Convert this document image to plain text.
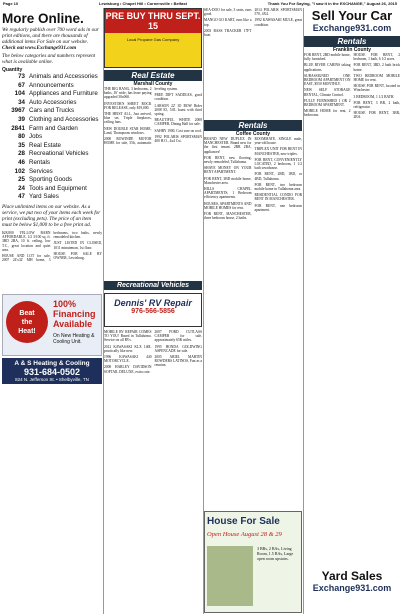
Page 10	Lewisburg • Chapel Hill • Cornersville • Belfast	Thank You For Saying, "I saw it in the EXCHANGE," August 26, 2015
More Online.
We regularly publish over 700 word ads in our print editions, and there are thousands of additional items For Sale on our website.
Check out www.Exchange931.com
The below categories and numbers represent what is available online.
Quantity
73 Animals and Accessories
67 Announcements
104 Appliances and Furniture
34 Auto Accessories
3967 Cars and Trucks
39 Clothing and Accessories
2841 Farm and Garden
80 Jobs
35 Real Estate
28 Recreational Vehicles
46 Rentals
102 Services
25 Sporting Goods
24 Tools and Equipment
47 Yard Sales
Place unlimited items on our website. As a service, we put two of your items each week for print (excluding pets). The price of an item must be below $1,000 to be a free print ad.

$28,800 YELLOW BARN AFFORDABLE, 1/2 3/100 sq. ft. 3BD 2BA, 10 ft. ceiling, low T.C., great location and quiet area.

HOUSE AND LOT for sale, 2007 24'x32' MH home, 3 bedrooms, two baths, newly remodeled kitchen.

JUST LISTED IN CLOSED, 1011 minuteman, 1st floor.

HOUSE FOR SALE BY OWNER, Lewisburg.

Beat
the
Heat!
100% Financing Available
On New Heating & Cooling Unit.
A & S Heating & Cooling
931-684-0502
824 N. Jefferson St. • Shelbyville, TN
PRE BUY THRU SEPT. 15
Local Propane Gas Company
Real Estate
Marshall County

THE BIG BANG, 3 bedrooms, 2 baths, 16' wide, has lease paying upgraded 30x060.

INVESTOR'S SHEET ROCK FOR RELEASE, only $19,000.

THE HEIST ALL, Just arrived, blue set, Triple fireplaces, ceiling fans.

NEW DOUBLE STAR HOME, Land, Thompsons windows.

2000 ROWINDE MOTOR HOME for sale, 35ft, automatic leveling system.

FREE DIFT SADDLES, good condition.

LARSON 22' IO BOW Rider 2008 IO, 5.0L boast with third spring.

BEAUTIFUL WHITE 2008 CAMPER, Dining Hall for sale.

SAHRY 1900, Cost sure on roof.

1992 POLARIS SPORTSMAN 400 H.O., 4x4 Cst.

Recreational Vehicles
Dennis' RV Repair
976-566-5856

MOBILE RV REPAIR COMES TO YOU! Based in Tullahoma. Service on all RVs.

2012 KAWASAKI KLX 140L practically like new.

1996 KAWASAKI 440 MOTORCYCLE.

2008 HARLEY DAVIDSON SOFTAIL DELUXE, extra cute.

2007 FORD CUTLASS CAMPER for sale, approximately 65K miles.

1995 HONDA GOLDWING ASPENCADE for sale.

2005 ARIEL MARTIN ROWDERS LATINOS, Fun as a reunion.

SEA-DOO for sale, 3 seats, runs good.

MANGO GO KART, runs like a top.

2003 BASS TRACKER 17FT boat.

2014 POLARIS SPORTSMAN 570, 4X4.

1992 KAWASAKI MULE, great condition.

Rentals
Coffee County

BRAND NEW DUPLEX IN MANCHESTER. Brand new for the first tenant. 2BR 2BA, appliances!

FOR RENT, new flooring, newly remodeled, Tullahoma.

SHAVE MONEY ON YOUR RENT APARTMENT.

FOR RENT, 3BD mobile home, Manchester area.

HILLS CHAPEL APARTMENTS, 1 Bedroom efficiency apartments.

HOUSES, APARTMENTS AND MOBILE HOMES for rent.

FOR RENT, MANCHESTER, three bedroom house, 2 baths.

ROOMMATE, SINGLE male, year-old house.

TRIPLEX UNIT FOR RENT IN MANCHESTER, new triplex.

FOR RENT, CONVENIENTLY LOCATED, 2 bedroom, 1 1/2 bath townhouse.

FOR RENT, 2BD, 1BD, or 4BD, Tullahoma.

FOR RENT, two bedroom mobile home in Tullahoma area.

RESIDENTIAL CONDO FOR RENT IN MANCHESTER.

FOR RENT, one bedroom apartment.

House For Sale
Open House August 28 & 29
3 BRs, 2 BAs, Living Room, 1.5 BAs, Large open room upstairs.
Sell Your Car
Exchange931.com
Rentals
Franklin County

FOR RENT, 2BD mobile home, fully furnished.

BLUE RIVER CABINS taking applications.

SUBASSIGNED ONE BEDROOM APARTMENT ON EAST, $550 MONTHLY.

NEW SELF STORAGE RENTAL, Climate Control.

FULLY FURNISHED 1 OR 2 BEDROOM APARTMENT.

MOBILE HOME for rent, 2 bedrooms.

HOUSE FOR RENT, 2 bedroom, 1 bath, 6 1/2 acres.

FOR RENT, 3BD, 2 bath brick home.

TWO BEDROOM MOBILE HOME for rent.

HOUSE FOR RENT, located in Winchester.

3 BEDROOM, 1 1/2 BATH.

FOR RENT, 3 BR, 2 bath, refrigerator.

HOUSE FOR RENT, 3BR, 2BA.

Yard Sales
Exchange931.com
